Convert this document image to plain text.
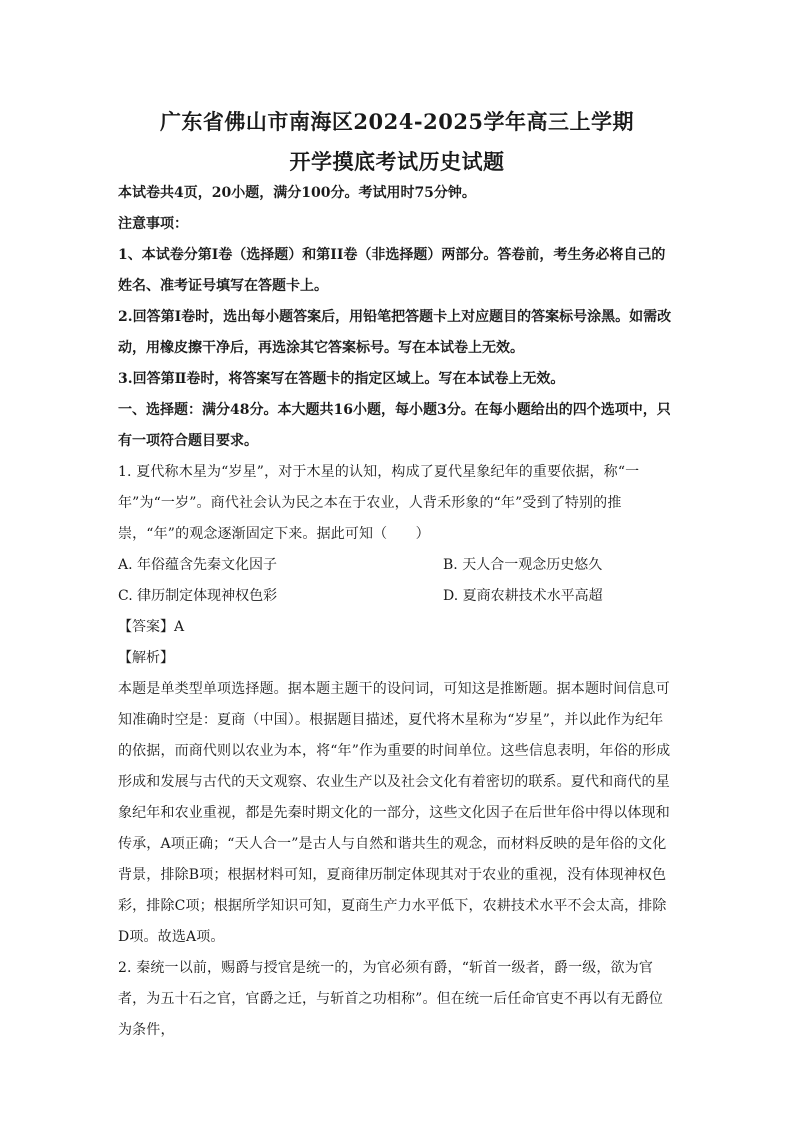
广东省佛山市南海区2024-2025学年高三上学期
开学摸底考试历史试题

本试卷共4页，20小题，满分100分。考试用时75分钟。

注意事项：

1、本试卷分第I卷（选择题）和第II卷（非选择题）两部分。答卷前，考生务必将自己的姓名、准考证号填写在答题卡上。

2.回答第I卷时，选出每小题答案后，用铅笔把答题卡上对应题目的答案标号涂黑。如需改动，用橡皮擦干净后，再选涂其它答案标号。写在本试卷上无效。

3.回答第Ⅱ卷时，将答案写在答题卡的指定区域上。写在本试卷上无效。

一、选择题：满分48分。本大题共16小题，每小题3分。在每小题给出的四个选项中，只有一项符合题目要求。

1. 夏代称木星为“岁星”，对于木星的认知，构成了夏代星象纪年的重要依据，称“一年”为“一岁”。商代社会认为民之本在于农业，人背禾形象的“年”受到了特别的推崇，“年”的观念逐渐固定下来。据此可知（　　）

A. 年俗蕴含先秦文化因子	B. 天人合一观念历史悠久
C. 律历制定体现神权色彩	D. 夏商农耕技术水平高超

【答案】A

【解析】

本题是单类型单项选择题。据本题主题干的设问词，可知这是推断题。据本题时间信息可知准确时空是：夏商（中国）。根据题目描述，夏代将木星称为“岁星”，并以此作为纪年的依据，而商代则以农业为本，将“年”作为重要的时间单位。这些信息表明，年俗的形成形成和发展与古代的天文观察、农业生产以及社会文化有着密切的联系。夏代和商代的星象纪年和农业重视，都是先秦时期文化的一部分，这些文化因子在后世年俗中得以体现和传承，A项正确；“天人合一”是古人与自然和谐共生的观念，而材料反映的是年俗的文化背景，排除B项；根据材料可知，夏商律历制定体现其对于农业的重视，没有体现神权色彩，排除C项；根据所学知识可知，夏商生产力水平低下，农耕技术水平不会太高，排除D项。故选A项。

2. 秦统一以前，赐爵与授官是统一的，为官必须有爵，“斩首一级者，爵一级，欲为官者，为五十石之官，官爵之迁，与斩首之功相称”。但在统一后任命官吏不再以有无爵位为条件，
